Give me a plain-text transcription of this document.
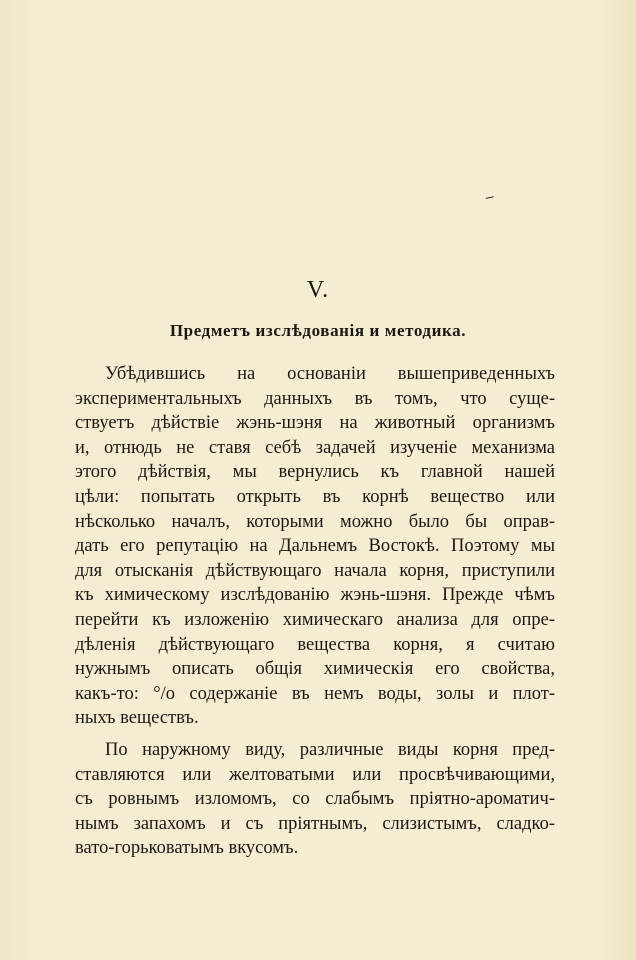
V.
Предметъ изслѣдованія и методика.
Убѣдившись на основаніи вышеприведенныхъ
экспериментальныхъ данныхъ въ томъ, что суще-
ствуетъ дѣйствіе жэнь-шэня на животный организмъ
и, отнюдь не ставя себѣ задачей изученіе механизма
этого дѣйствія, мы вернулись къ главной нашей
цѣли: попытать открыть въ корнѣ вещество или
нѣсколько началъ, которыми можно было бы оправ-
дать его репутацію на Дальнемъ Востокѣ. Поэтому мы
для отысканія дѣйствующаго начала корня, приступили
къ химическому изслѣдованію жэнь-шэня. Прежде чѣмъ
перейти къ изложенію химическаго анализа для опре-
дѣленія дѣйствующаго вещества корня, я считаю
нужнымъ описать общія химическія его свойства,
какъ-то: °/o содержаніе въ немъ воды, золы и плот-
ныхъ веществъ.
По наружному виду, различные виды корня пред-
ставляются или желтоватыми или просвѣчивающими,
съ ровнымъ изломомъ, со слабымъ пріятно-ароматич-
нымъ запахомъ и съ пріятнымъ, слизистымъ, сладко-
вато-горьковатымъ вкусомъ.
